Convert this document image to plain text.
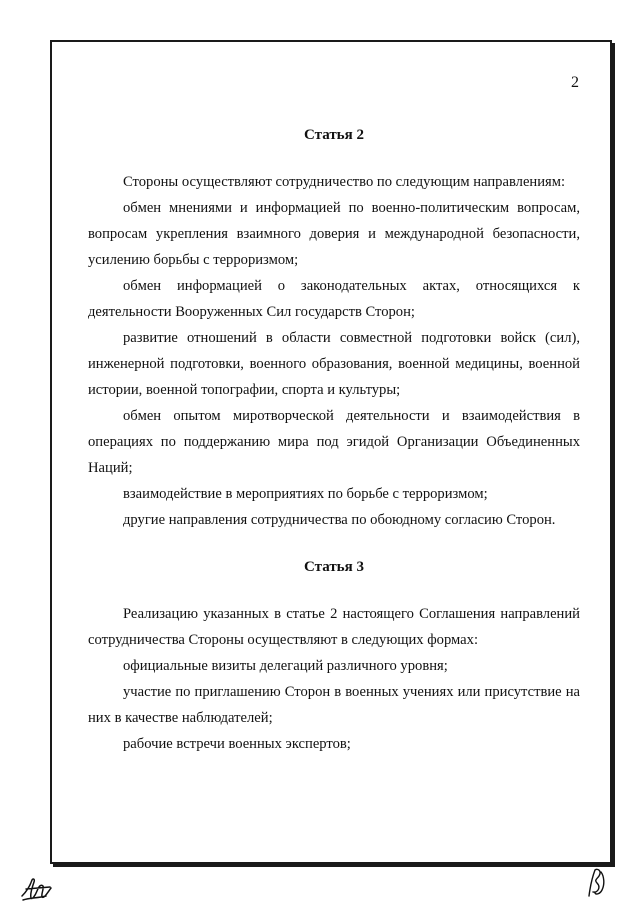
2
Статья 2

Стороны осуществляют сотрудничество по следующим направлениям:

обмен мнениями и информацией по военно-политическим вопросам, вопросам укрепления взаимного доверия и международной безопасности, усилению борьбы с терроризмом;

обмен информацией о законодательных актах, относящихся к деятельности Вооруженных Сил государств Сторон;

развитие отношений в области совместной подготовки войск (сил), инженерной подготовки, военного образования, военной медицины, военной истории, военной топографии, спорта и культуры;

обмен опытом миротворческой деятельности и взаимодействия в операциях по поддержанию мира под эгидой Организации Объединенных Наций;

взаимодействие в мероприятиях по борьбе с терроризмом;

другие направления сотрудничества по обоюдному согласию Сторон.

Статья 3

Реализацию указанных в статье 2 настоящего Соглашения направлений сотрудничества Стороны осуществляют в следующих формах:

официальные визиты делегаций различного уровня;

участие по приглашению Сторон в военных учениях или присутствие на них в качестве наблюдателей;

рабочие встречи военных экспертов;
